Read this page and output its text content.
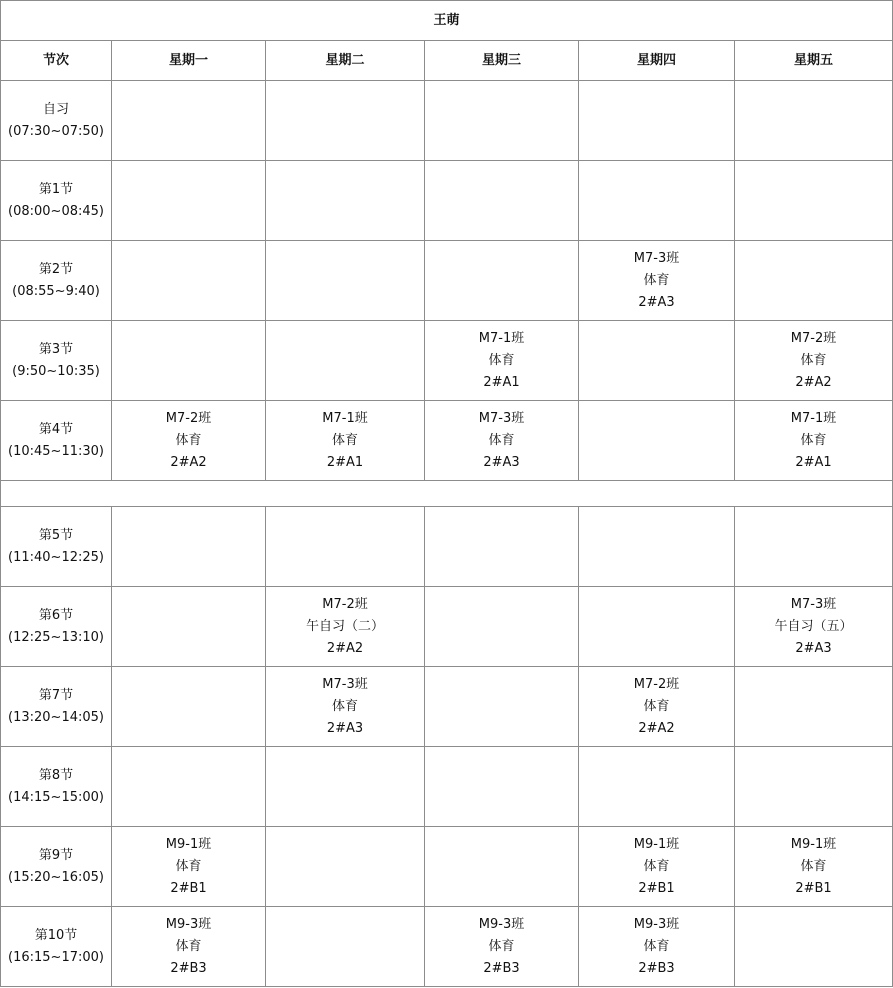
王萌					
节次	星期一	星期二	星期三	星期四	星期五

自习
(07:30~07:50)					

第1节
(08:00~08:45)					

第2节
(08:55~9:40)				M7-3班
体育
2#A3	

第3节
(9:50~10:35)			M7-1班
体育
2#A1		M7-2班
体育
2#A2

第4节
(10:45~11:30)	M7-2班
体育
2#A2	M7-1班
体育
2#A1	M7-3班
体育
2#A3		M7-1班
体育
2#A1

第5节
(11:40~12:25)					

第6节
(12:25~13:10)		M7-2班
午自习（二）
2#A2			M7-3班
午自习（五）
2#A3

第7节
(13:20~14:05)		M7-3班
体育
2#A3		M7-2班
体育
2#A2	

第8节
(14:15~15:00)					

第9节
(15:20~16:05)	M9-1班
体育
2#B1			M9-1班
体育
2#B1	M9-1班
体育
2#B1

第10节
(16:15~17:00)	M9-3班
体育
2#B3		M9-3班
体育
2#B3	M9-3班
体育
2#B3	
